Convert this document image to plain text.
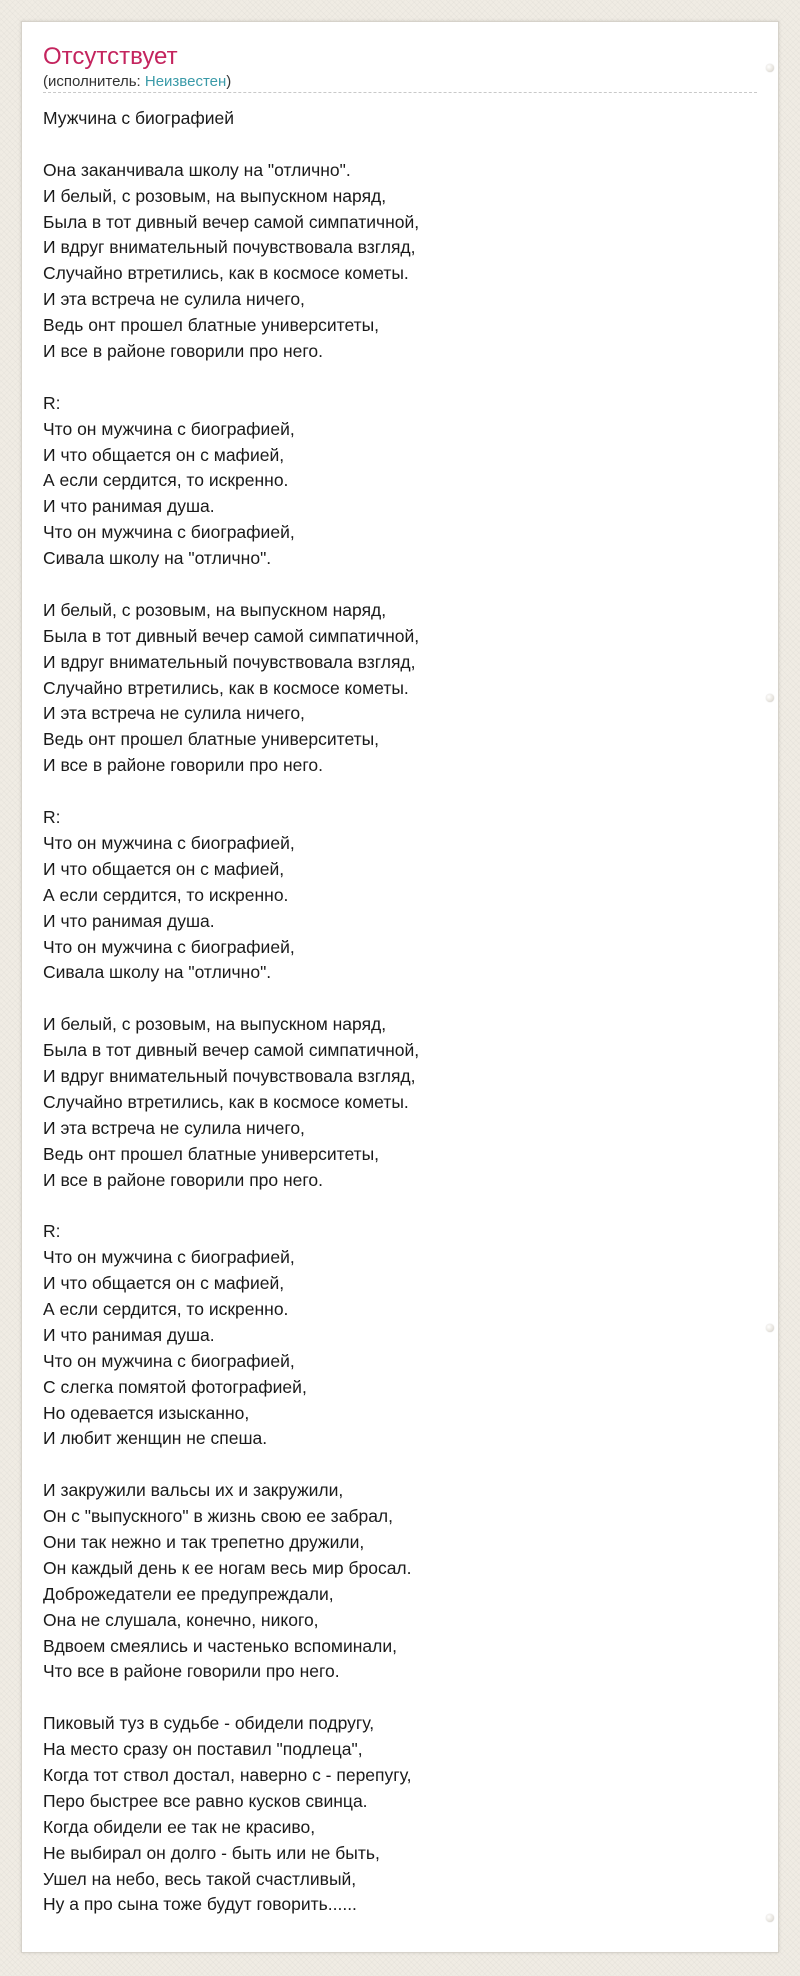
Отсутствует
(исполнитель: Неизвестен)
Мужчина с биографией
Она заканчивала школу на "отлично".
И белый, с розовым, на выпускном наряд,
Была в тот дивный вечер самой симпатичной,
И вдруг внимательный почувствовала взгляд,
Случайно втретились, как в космосе кометы.
И эта встреча не сулила ничего,
Ведь онт прошел блатные университеты,
И все в районе говорили про него.
R:
Что он мужчина с биографией,
И что общается он с мафией,
А если сердится, то искренно.
И что ранимая душа.
Что он мужчина с биографией,
Сивала школу на "отлично".
И белый, с розовым, на выпускном наряд,
Была в тот дивный вечер самой симпатичной,
И вдруг внимательный почувствовала взгляд,
Случайно втретились, как в космосе кометы.
И эта встреча не сулила ничего,
Ведь онт прошел блатные университеты,
И все в районе говорили про него.
R:
Что он мужчина с биографией,
И что общается он с мафией,
А если сердится, то искренно.
И что ранимая душа.
Что он мужчина с биографией,
Сивала школу на "отлично".
И белый, с розовым, на выпускном наряд,
Была в тот дивный вечер самой симпатичной,
И вдруг внимательный почувствовала взгляд,
Случайно втретились, как в космосе кометы.
И эта встреча не сулила ничего,
Ведь онт прошел блатные университеты,
И все в районе говорили про него.
R:
Что он мужчина с биографией,
И что общается он с мафией,
А если сердится, то искренно.
И что ранимая душа.
Что он мужчина с биографией,
С слегка помятой фотографией,
Но одевается изысканно,
И любит женщин не спеша.
И закружили вальсы их и закружили,
Он с "выпускного" в жизнь свою ее забрал,
Они так нежно и так трепетно дружили,
Он каждый день к ее ногам весь мир бросал.
Доброжедатели ее предупреждали,
Она не слушала, конечно, никого,
Вдвоем смеялись и частенько вспоминали,
Что все в районе говорили про него.
Пиковый туз в судьбе - обидели подругу,
На место сразу он поставил "подлеца",
Когда тот ствол достал, наверно с - перепугу,
Перо быстрее все равно кусков свинца.
Когда обидели ее так не красиво,
Не выбирал он долго - быть или не быть,
Ушел на небо, весь такой счастливый,
Ну а про сына тоже будут говорить......
